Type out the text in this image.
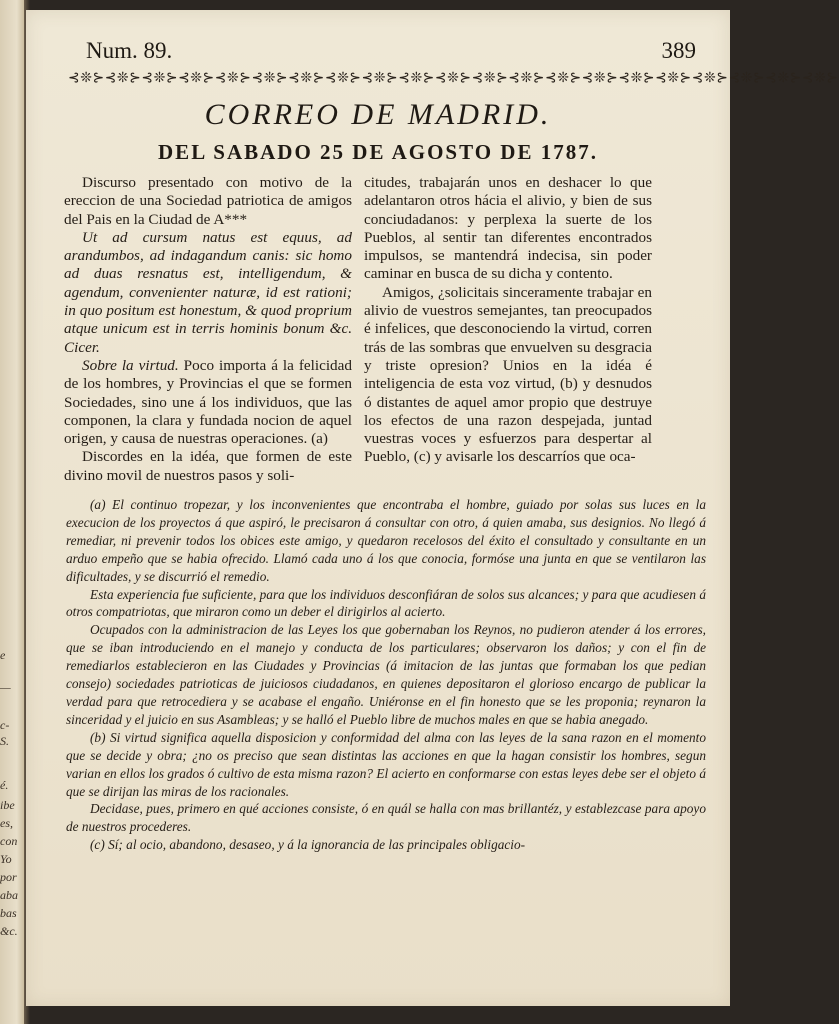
e
—
c-
S.
é.
ibe
es,
con
Yo
por
aba
bas
&c.
Num. 89.	389
⊰❊⊱⊰❊⊱⊰❊⊱⊰❊⊱⊰❊⊱⊰❊⊱⊰❊⊱⊰❊⊱⊰❊⊱⊰❊⊱⊰❊⊱⊰❊⊱⊰❊⊱⊰❊⊱⊰❊⊱⊰❊⊱⊰❊⊱⊰❊⊱⊰❊⊱⊰❊⊱⊰❊⊱
CORREO DE MADRID.
DEL SABADO 25 DE AGOSTO DE 1787.

Discurso presentado con motivo de la ereccion de una Sociedad patriotica de amigos del Pais en la Ciudad de A***

Ut ad cursum natus est equus, ad arandumbos, ad indagandum canis: sic homo ad duas resnatus est, intelligendum, & agendum, convenienter naturæ, id est rationi; in quo positum est honestum, & quod proprium atque unicum est in terris hominis bonum &c. Cicer.

Sobre la virtud. Poco importa á la felicidad de los hombres, y Provincias el que se formen Sociedades, sino une á los individuos, que las componen, la clara y fundada nocion de aquel origen, y causa de nuestras operaciones. (a)

Discordes en la idéa, que formen de este divino movil de nuestros pasos y soli-

citudes, trabajarán unos en deshacer lo que adelantaron otros hácia el alivio, y bien de sus conciudadanos: y perplexa la suerte de los Pueblos, al sentir tan diferentes encontrados impulsos, se mantendrá indecisa, sin poder caminar en busca de su dicha y contento.

Amigos, ¿solicitais sinceramente trabajar en alivio de vuestros semejantes, tan preocupados é infelices, que desconociendo la virtud, corren trás de las sombras que envuelven su desgracia y triste opresion? Unios en la idéa é inteligencia de esta voz virtud, (b) y desnudos ó distantes de aquel amor propio que destruye los efectos de una razon despejada, juntad vuestras voces y esfuerzos para despertar al Pueblo, (c) y avisarle los descarríos que oca-

(a) El continuo tropezar, y los inconvenientes que encontraba el hombre, guiado por solas sus luces en la execucion de los proyectos á que aspiró, le precisaron á consultar con otro, á quien amaba, sus designios. No llegó á remediar, ni prevenir todos los obices este amigo, y quedaron recelosos del éxito el consultado y consultante en un arduo empeño que se habia ofrecido. Llamó cada uno á los que conocia, formóse una junta en que se ventilaron las dificultades, y se discurrió el remedio.

Esta experiencia fue suficiente, para que los individuos desconfiáran de solos sus alcances; y para que acudiesen á otros compatriotas, que miraron como un deber el dirigirlos al acierto.

Ocupados con la administracion de las Leyes los que gobernaban los Reynos, no pudieron atender á los errores, que se iban introduciendo en el manejo y conducta de los particulares; observaron los daños; y con el fin de remediarlos establecieron en las Ciudades y Provincias (á imitacion de las juntas que formaban los que pedian consejo) sociedades patrioticas de juiciosos ciudadanos, en quienes depositaron el glorioso encargo de publicar la verdad para que retrocediera y se acabase el engaño. Uniéronse en el fin honesto que se les proponia; reynaron la sinceridad y el juicio en sus Asambleas; y se halló el Pueblo libre de muchos males en que se habia anegado.

(b) Si virtud significa aquella disposicion y conformidad del alma con las leyes de la sana razon en el momento que se decide y obra; ¿no os preciso que sean distintas las acciones en que la hagan consistir los hombres, segun varian en ellos los grados ó cultivo de esta misma razon? El acierto en conformarse con estas leyes debe ser el objeto á que se dirijan las miras de los racionales.

Decidase, pues, primero en qué acciones consiste, ó en quál se halla con mas brillantéz, y establezcase para apoyo de nuestros procederes.

(c) Sí; al ocio, abandono, desaseo, y á la ignorancia de las principales obligacio-
